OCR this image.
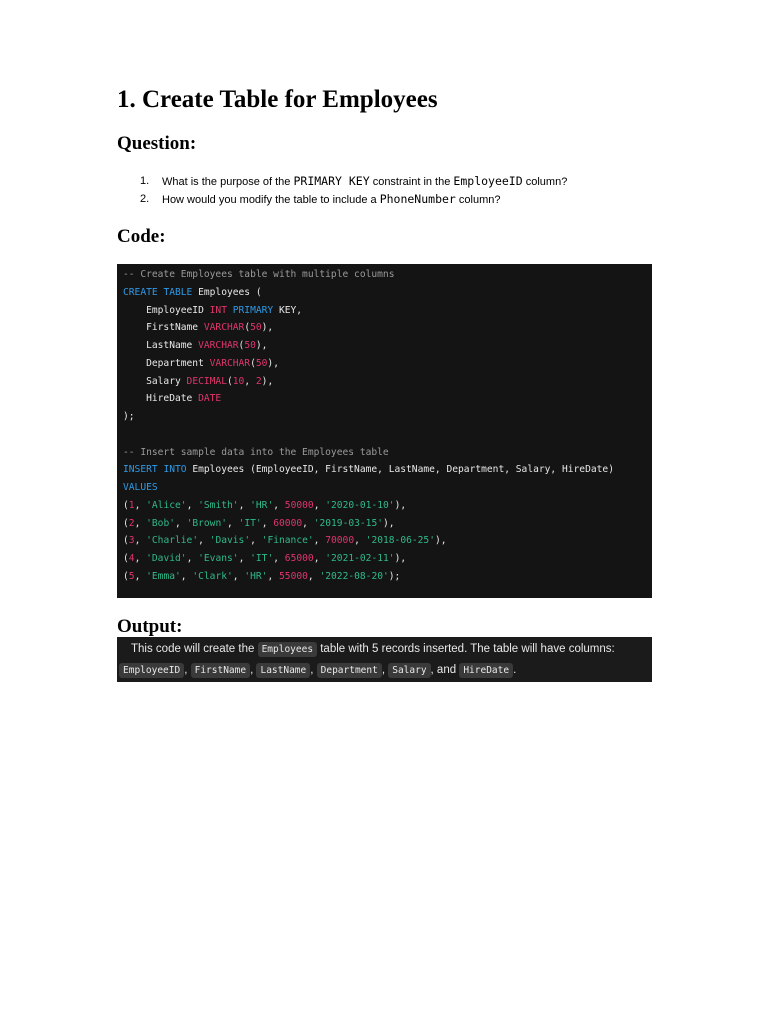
1. Create Table for Employees
Question:
1. What is the purpose of the PRIMARY KEY constraint in the EmployeeID column?
2. How would you modify the table to include a PhoneNumber column?
Code:
-- Create Employees table with multiple columns
CREATE TABLE Employees (
EmployeeID INT PRIMARY KEY,
FirstName VARCHAR(50),
LastName VARCHAR(50),
Department VARCHAR(50),
Salary DECIMAL(10, 2),
HireDate DATE
);
-- Insert sample data into the Employees table
INSERT INTO Employees (EmployeeID, FirstName, LastName, Department, Salary, HireDate)
VALUES
(1, 'Alice', 'Smith', 'HR', 50000, '2020-01-10'),
(2, 'Bob', 'Brown', 'IT', 60000, '2019-03-15'),
(3, 'Charlie', 'Davis', 'Finance', 70000, '2018-06-25'),
(4, 'David', 'Evans', 'IT', 65000, '2021-02-11'),
(5, 'Emma', 'Clark', 'HR', 55000, '2022-08-20');
Output:
This code will create the Employees table with 5 records inserted. The table will have columns:
EmployeeID , FirstName , LastName , Department , Salary , and HireDate .
